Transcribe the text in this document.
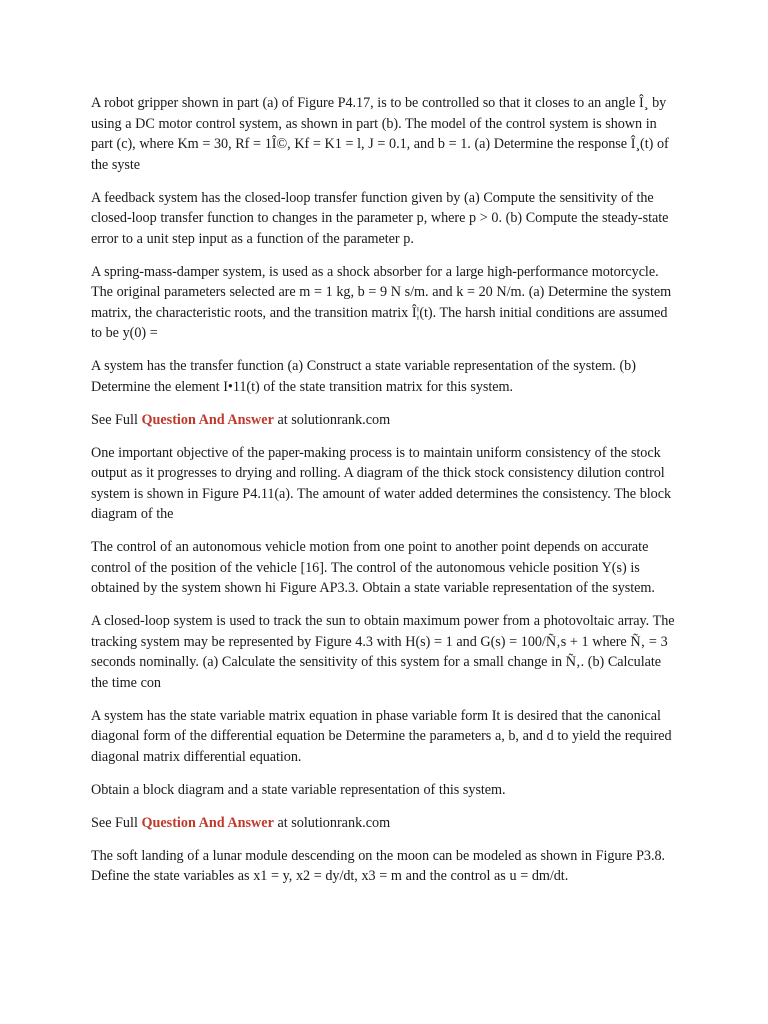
A robot gripper shown in part (a) of Figure P4.17, is to be controlled so that it closes to an angle Î¸ by using a DC motor control system, as shown in part (b). The model of the control system is shown in part (c), where Km = 30, Rf = 1Î©, Kf = K1 = l, J = 0.1, and b = 1. (a) Determine the response Î¸(t) of the syste

A feedback system has the closed-loop transfer function given by (a) Compute the sensitivity of the closed-loop transfer function to changes in the parameter p, where p > 0. (b) Compute the steady-state error to a unit step input as a function of the parameter p.

A spring-mass-damper system, is used as a shock absorber for a large high-performance motorcycle. The original parameters selected are m = 1 kg, b = 9 N s/m. and k = 20 N/m. (a) Determine the system matrix, the characteristic roots, and the transition matrix Î¦(t). The harsh initial conditions are assumed to be y(0) =

A system has the transfer function (a) Construct a state variable representation of the system. (b) Determine the element I•11(t) of the state transition matrix for this system.

See Full Question And Answer at solutionrank.com

One important objective of the paper-making process is to maintain uniform consistency of the stock output as it progresses to drying and rolling. A diagram of the thick stock consistency dilution control system is shown in Figure P4.11(a). The amount of water added determines the consistency. The block diagram of the

The control of an autonomous vehicle motion from one point to another point depends on accurate control of the position of the vehicle [16]. The control of the autonomous vehicle position Y(s) is obtained by the system shown hi Figure AP3.3. Obtain a state variable representation of the system.

A closed-loop system is used to track the sun to obtain maximum power from a photovoltaic array. The tracking system may be represented by Figure 4.3 with H(s) = 1 and G(s) = 100/Ñ‚s + 1 where Ñ‚ = 3 seconds nominally. (a) Calculate the sensitivity of this system for a small change in Ñ‚. (b) Calculate the time con

A system has the state variable matrix equation in phase variable form It is desired that the canonical diagonal form of the differential equation be Determine the parameters a, b, and d to yield the required diagonal matrix differential equation.

Obtain a block diagram and a state variable representation of this system.

See Full Question And Answer at solutionrank.com

The soft landing of a lunar module descending on the moon can be modeled as shown in Figure P3.8. Define the state variables as x1 = y, x2 = dy/dt, x3 = m and the control as u = dm/dt.
